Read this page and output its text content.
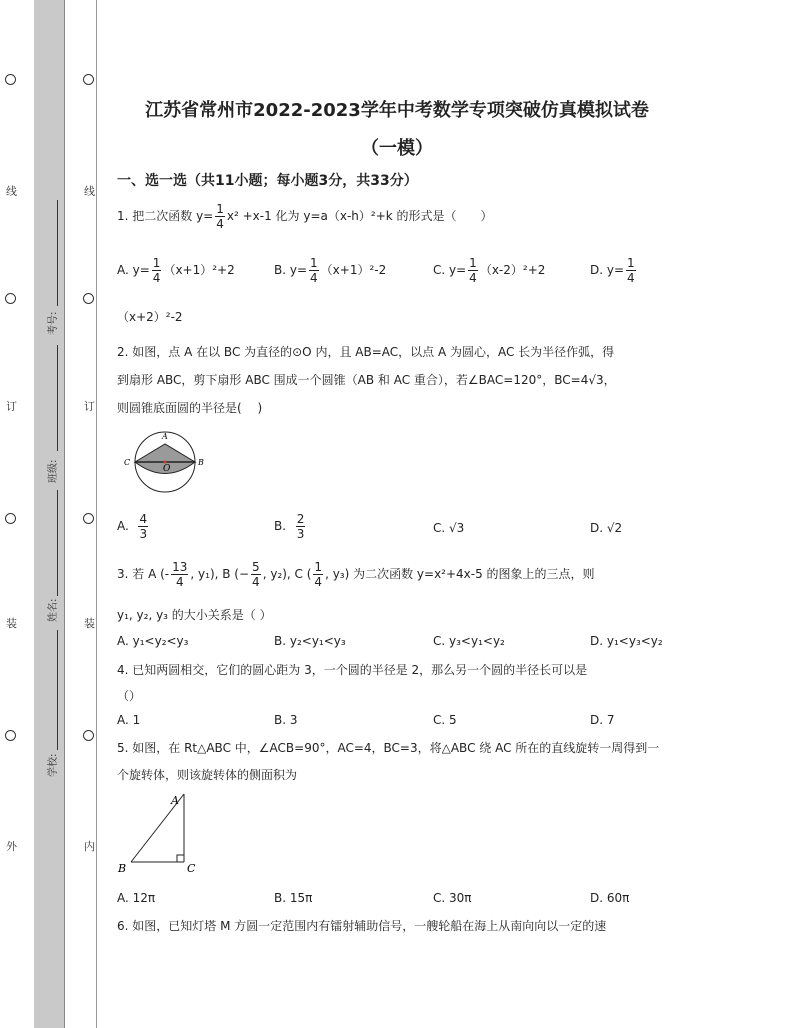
线
订
装
外
线
订
装
内
考号:
班级:
姓名:
学校:
江苏省常州市2022-2023学年中考数学专项突破仿真模拟试卷
（一模）
一、选一选（共11小题；每小题3分，共33分）
1. 把二次函数 $y= \frac{1}{4} x^2 +x-1$ 化为 y=a（x-h）²+k 的形式是（　　）
A. $y= \frac{1}{4} (x+1)^2+2$	B. $y= \frac{1}{4} (x+1)^2-2$	C. $y= \frac{1}{4} (x-2)^2+2$	D. $y= \frac{1}{4}$
（x+2）²-2
2. 如图，点 A 在以 BC 为直径的⊙O 内，且 AB=AC，以点 A 为圆心，AC 长为半径作弧，得
到扇形 ABC，剪下扇形 ABC 围成一个圆锥（AB 和 AC 重合），若∠BAC=120°，BC=4√3，
则圆锥底面圆的半径是(　 )
A
C	B
O
A. $\frac{4}{3}$	B. $\frac{2}{3}$	C. √3	D. √2
3. 若 A (- $\frac{13}{4}$ , y₁), B (− $\frac{5}{4}$ , y₂), C ( $\frac{1}{4}$ , y₃) 为二次函数 y=x²+4x-5 的图象上的三点，则
y₁, y₂, y₃ 的大小关系是（ ）
A. y₁<y₂<y₃	B. y₂<y₁<y₃	C. y₃<y₁<y₂	D. y₁<y₃<y₂
4. 已知两圆相交，它们的圆心距为 3，一个圆的半径是 2，那么另一个圆的半径长可以是
（）
A. 1	B. 3	C. 5	D. 7
5. 如图，在 Rt△ABC 中，∠ACB=90°，AC=4，BC=3，将△ABC 绕 AC 所在的直线旋转一周得到一
个旋转体，则该旋转体的侧面积为
A
B	C
A. 12π	B. 15π	C. 30π	D. 60π
6. 如图，已知灯塔 M 方圆一定范围内有镭射辅助信号，一艘轮船在海上从南向向以一定的速
